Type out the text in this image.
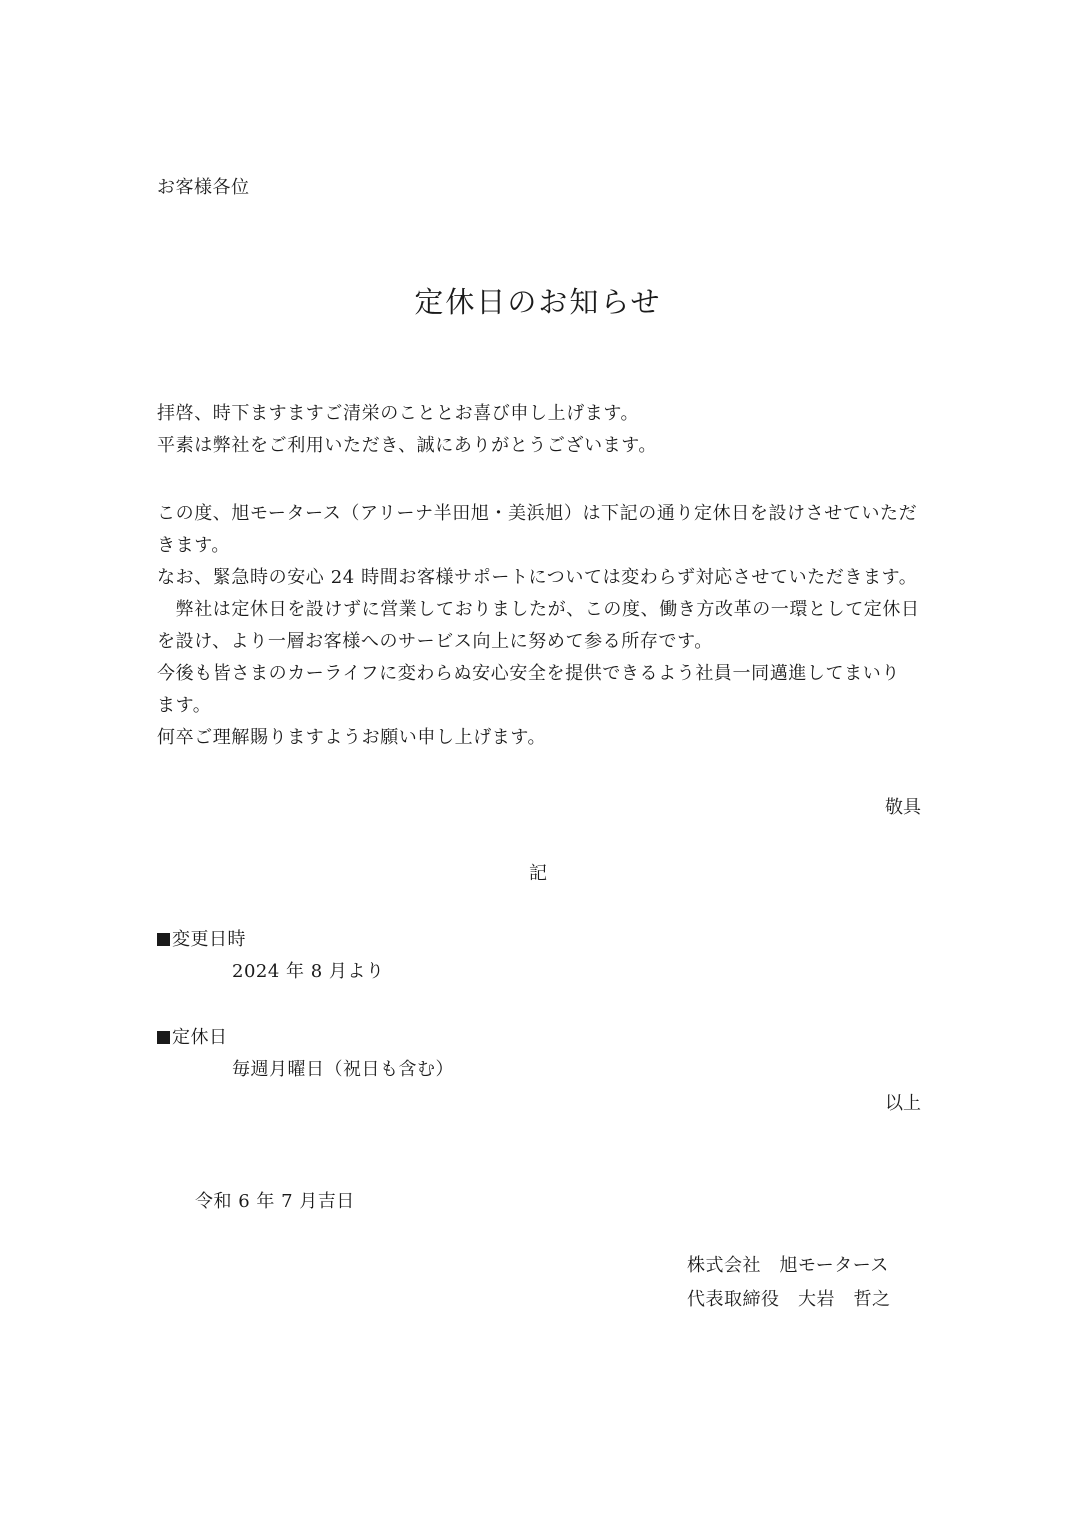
お客様各位
定休日のお知らせ
拝啓、時下ますますご清栄のこととお喜び申し上げます。
平素は弊社をご利用いただき、誠にありがとうございます。
この度、旭モータース（アリーナ半田旭・美浜旭）は下記の通り定休日を設けさせていただ
きます。
なお、緊急時の安心 24 時間お客様サポートについては変わらず対応させていただきます。
　弊社は定休日を設けずに営業しておりましたが、この度、働き方改革の一環として定休日
を設け、より一層お客様へのサービス向上に努めて参る所存です。
今後も皆さまのカーライフに変わらぬ安心安全を提供できるよう社員一同邁進してまいり
ます。
何卒ご理解賜りますようお願い申し上げます。
敬具
記
変更日時
2024 年 8 月より
定休日
毎週月曜日（祝日も含む）
以上
令和 6 年 7 月吉日
株式会社　旭モータース
代表取締役　大岩　哲之
